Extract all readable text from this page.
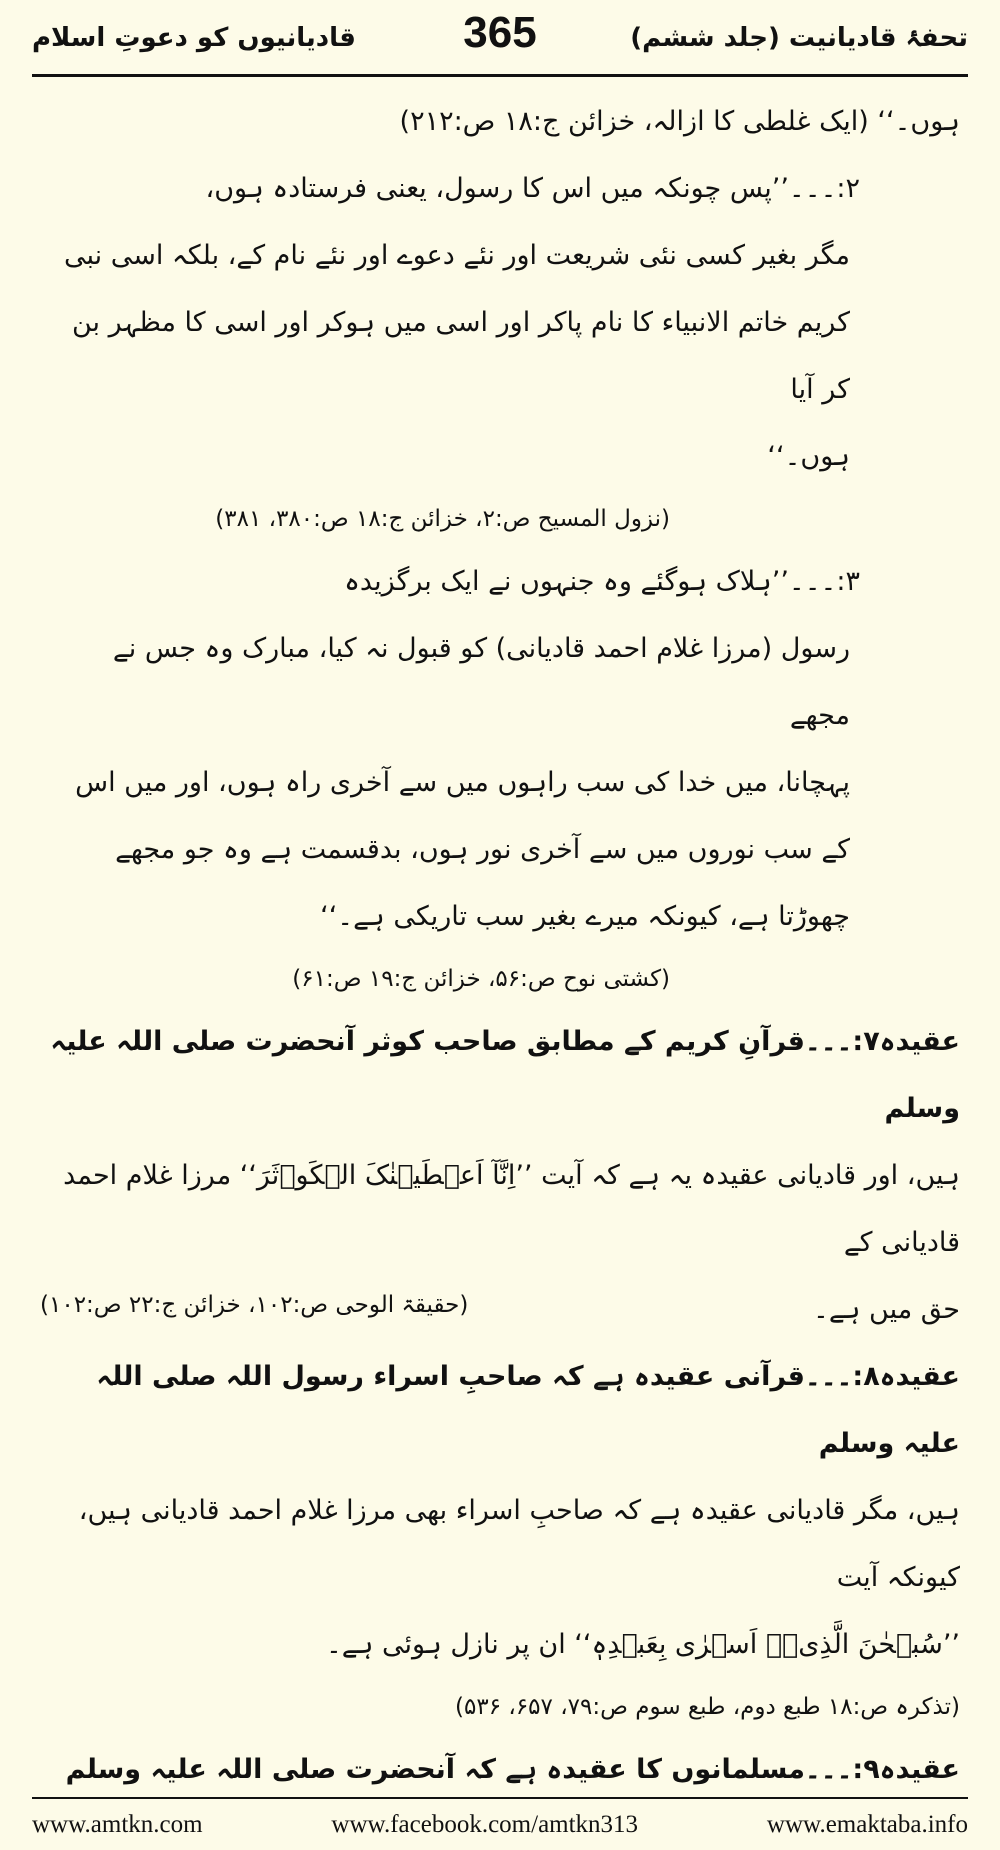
قادیانیوں کو دعوتِ اسلام 365	تحفۂ قادیانیت (جلد ششم)

ہوں۔‘‘ (ایک غلطی کا ازالہ، خزائن ج:۱۸ ص:۲۱۲)

۲:۔۔۔’’پس چونکہ میں اس کا رسول، یعنی فرستادہ ہوں،

مگر بغیر کسی نئی شریعت اور نئے دعوے اور نئے نام کے، بلکہ اسی نبی

کریم خاتم الانبیاء کا نام پاکر اور اسی میں ہوکر اور اسی کا مظہر بن کر آیا

ہوں۔‘‘

(نزول المسیح ص:۲، خزائن ج:۱۸ ص:۳۸۰، ۳۸۱)

۳:۔۔۔’’ہلاک ہوگئے وہ جنہوں نے ایک برگزیدہ

رسول (مرزا غلام احمد قادیانی) کو قبول نہ کیا، مبارک وہ جس نے مجھے

پہچانا، میں خدا کی سب راہوں میں سے آخری راہ ہوں، اور میں اس

کے سب نوروں میں سے آخری نور ہوں، بدقسمت ہے وہ جو مجھے

چھوڑتا ہے، کیونکہ میرے بغیر سب تاریکی ہے۔‘‘

(کشتی نوح ص:۵۶، خزائن ج:۱۹ ص:۶۱)

عقیدہ۷:۔۔۔قرآنِ کریم کے مطابق صاحب کوثر آنحضرت صلی اللہ علیہ وسلم

ہیں، اور قادیانی عقیدہ یہ ہے کہ آیت ’’اِنَّآ اَعۡطَیۡنٰکَ الۡکَوۡثَرَ‘‘ مرزا غلام احمد قادیانی کے

حق میں ہے۔
(حقیقۃ الوحی ص:۱۰۲، خزائن ج:۲۲ ص:۱۰۲)

عقیدہ۸:۔۔۔قرآنی عقیدہ ہے کہ صاحبِ اسراء رسول اللہ صلی اللہ علیہ وسلم

ہیں، مگر قادیانی عقیدہ ہے کہ صاحبِ اسراء بھی مرزا غلام احمد قادیانی ہیں، کیونکہ آیت

’’سُبۡحٰنَ الَّذِیۡۤ اَسۡرٰی بِعَبۡدِہٖ‘‘ ان پر نازل ہوئی ہے۔

(تذکرہ ص:۱۸ طبع دوم، طبع سوم ص:۷۹، ۶۵۷، ۵۳۶)

عقیدہ۹:۔۔۔مسلمانوں کا عقیدہ ہے کہ آنحضرت صلی اللہ علیہ وسلم

www.amtkn.com	www.facebook.com/amtkn313	www.emaktaba.info
